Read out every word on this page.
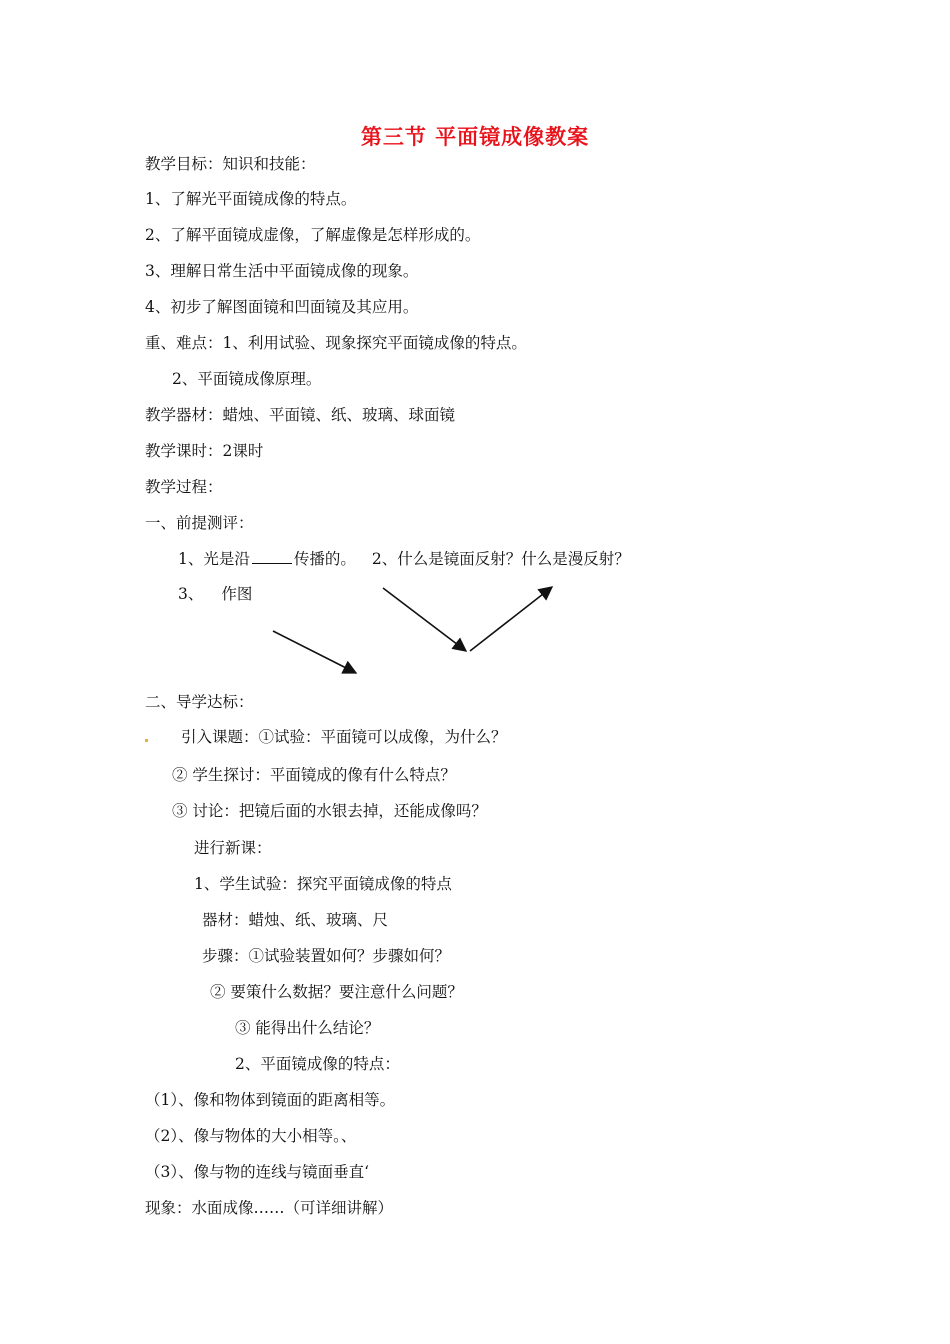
第三节 平面镜成像教案
教学目标：知识和技能：
1、了解光平面镜成像的特点。
2、了解平面镜成虚像，了解虚像是怎样形成的。
3、理解日常生活中平面镜成像的现象。
4、初步了解图面镜和凹面镜及其应用。
重、难点：1、利用试验、现象探究平面镜成像的特点。
2、平面镜成像原理。
教学器材：蜡烛、平面镜、纸、玻璃、球面镜
教学课时：2课时
教学过程：
一、前提测评：
1、光是沿	传播的。 2、什么是镜面反射？什么是漫反射？
3、 作图
二、导学达标：
引入课题：①试验：平面镜可以成像，为什么？
② 学生探讨：平面镜成的像有什么特点？
③ 讨论：把镜后面的水银去掉，还能成像吗？
进行新课：
1、学生试验：探究平面镜成像的特点
器材：蜡烛、纸、玻璃、尺
步骤：①试验装置如何？步骤如何？
② 要策什么数据？要注意什么问题？
③ 能得出什么结论？
2、平面镜成像的特点：
（1）、像和物体到镜面的距离相等。
（2）、像与物体的大小相等。、
（3）、像与物的连线与镜面垂直‘
现象：水面成像……（可详细讲解）
